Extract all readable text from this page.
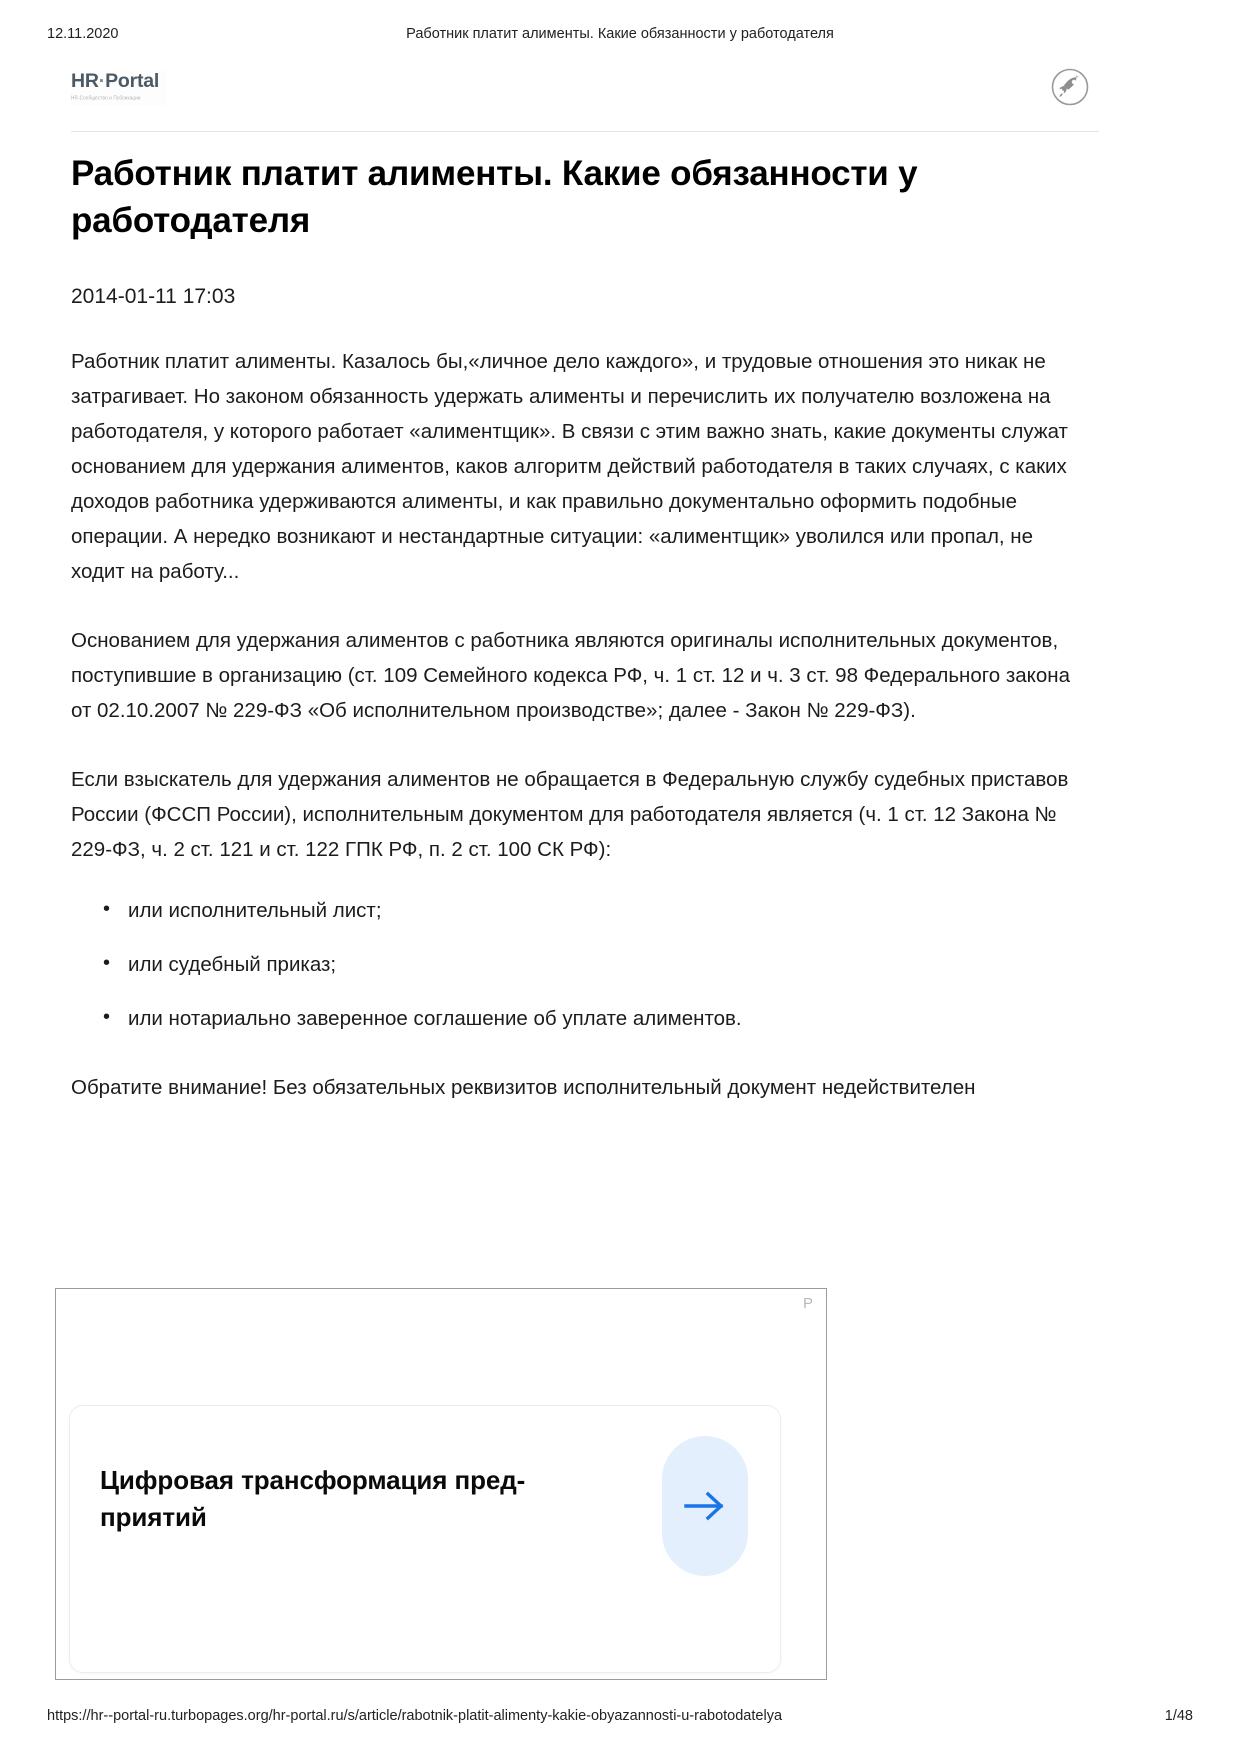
12.11.2020	Работник платит алименты. Какие обязанности у работодателя
HR·Portal
HR-Сообщество и Публикации
Работник платит алименты. Какие обязанности у работодателя
2014-01-11 17:03

Работник платит алименты. Казалось бы,«личное дело каждого», и трудовые отношения это никак не затрагивает. Но законом обязанность удержать алименты и перечислить их получателю возложена на работодателя, у которого работает «алиментщик». В связи с этим важно знать, какие документы служат основанием для удержания алиментов, каков алгоритм действий работодателя в таких случаях, с каких доходов работника удерживаются алименты, и как правильно документально оформить подобные операции. А нередко возникают и нестандартные ситуации: «алиментщик» уволился или пропал, не ходит на работу...

Основанием для удержания алиментов с работника являются оригиналы исполнительных документов, поступившие в организацию (ст. 109 Семейного кодекса РФ, ч. 1 ст. 12 и ч. 3 ст. 98 Федерального закона от 02.10.2007 № 229-ФЗ «Об исполнительном производстве»; далее - Закон № 229-ФЗ).

Если взыскатель для удержания алиментов не обращается в Федеральную службу судебных приставов России (ФССП России), исполнительным документом для работодателя является (ч. 1 ст. 12 Закона № 229-ФЗ, ч. 2 ст. 121 и ст. 122 ГПК РФ, п. 2 ст. 100 СК РФ):

• или исполнительный лист;
• или судебный приказ;
• или нотариально заверенное соглашение об уплате алиментов.

Обратите внимание! Без обязательных реквизитов исполнительный документ недействителен

Р
Цифровая трансформация пред-приятий
https://hr--portal-ru.turbopages.org/hr-portal.ru/s/article/rabotnik-platit-alimenty-kakie-obyazannosti-u-rabotodatelya	1/48
